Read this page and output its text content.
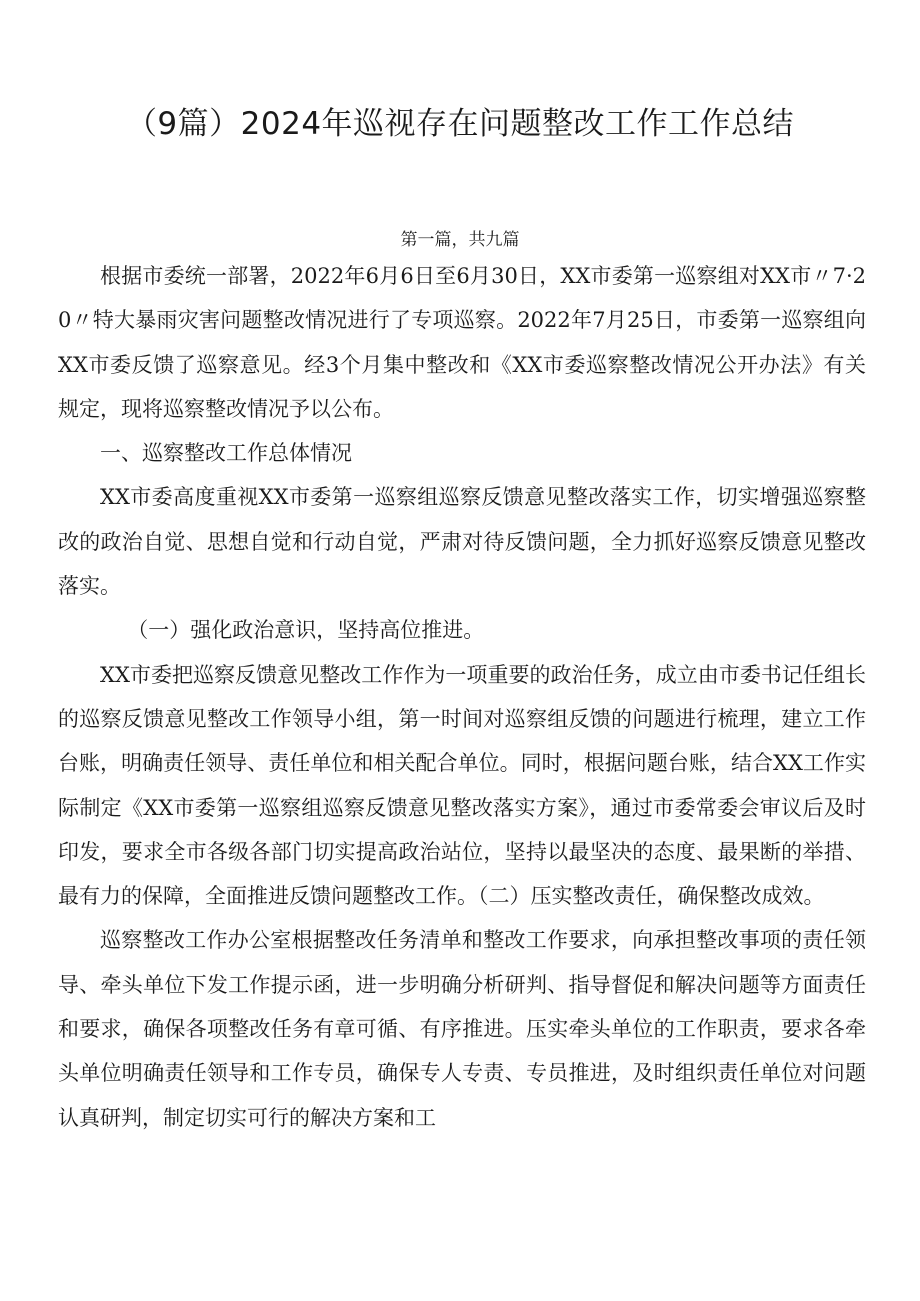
（9篇）2024年巡视存在问题整改工作工作总结
第一篇，共九篇

根据市委统一部署，2022年6月6日至6月30日，XX市委第一巡察组对XX市〃7·20〃特大暴雨灾害问题整改情况进行了专项巡察。2022年7月25日，市委第一巡察组向XX市委反馈了巡察意见。经3个月集中整改和《XX市委巡察整改情况公开办法》有关规定，现将巡察整改情况予以公布。

一、巡察整改工作总体情况

XX市委高度重视XX市委第一巡察组巡察反馈意见整改落实工作，切实增强巡察整改的政治自觉、思想自觉和行动自觉，严肃对待反馈问题，全力抓好巡察反馈意见整改落实。

（一）强化政治意识，坚持高位推进。

XX市委把巡察反馈意见整改工作作为一项重要的政治任务，成立由市委书记任组长的巡察反馈意见整改工作领导小组，第一时间对巡察组反馈的问题进行梳理，建立工作台账，明确责任领导、责任单位和相关配合单位。同时，根据问题台账，结合XX工作实际制定《XX市委第一巡察组巡察反馈意见整改落实方案》，通过市委常委会审议后及时印发，要求全市各级各部门切实提高政治站位，坚持以最坚决的态度、最果断的举措、最有力的保障，全面推进反馈问题整改工作。（二）压实整改责任，确保整改成效。

巡察整改工作办公室根据整改任务清单和整改工作要求，向承担整改事项的责任领导、牵头单位下发工作提示函，进一步明确分析研判、指导督促和解决问题等方面责任和要求，确保各项整改任务有章可循、有序推进。压实牵头单位的工作职责，要求各牵头单位明确责任领导和工作专员，确保专人专责、专员推进，及时组织责任单位对问题认真研判，制定切实可行的解决方案和工
